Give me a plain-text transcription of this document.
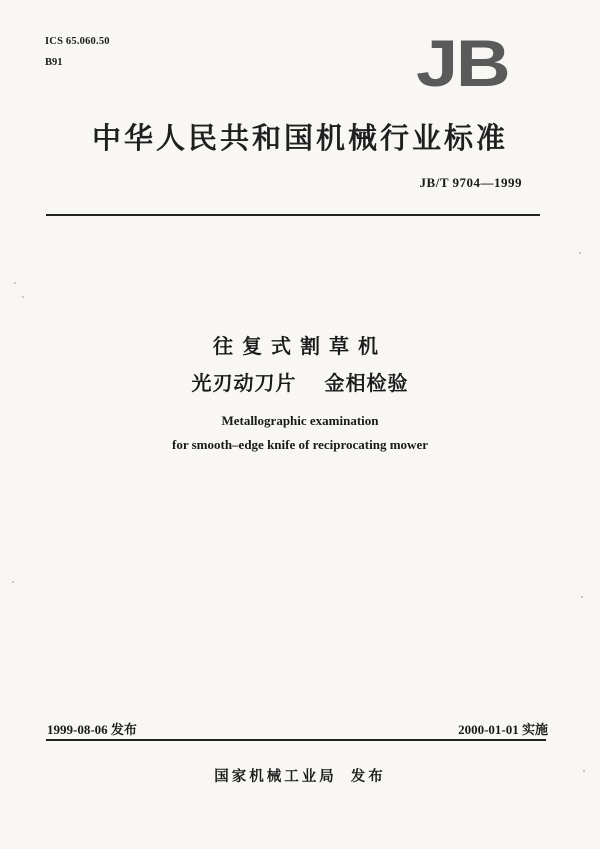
ICS 65.060.50
B91	JB
中华人民共和国机械行业标准
JB/T 9704—1999
往复式割草机
光刃动刀片 金相检验
Metallographic examination
for smooth–edge knife of reciprocating mower
1999-08-06 发布	2000-01-01 实施
国家机械工业局 发布
